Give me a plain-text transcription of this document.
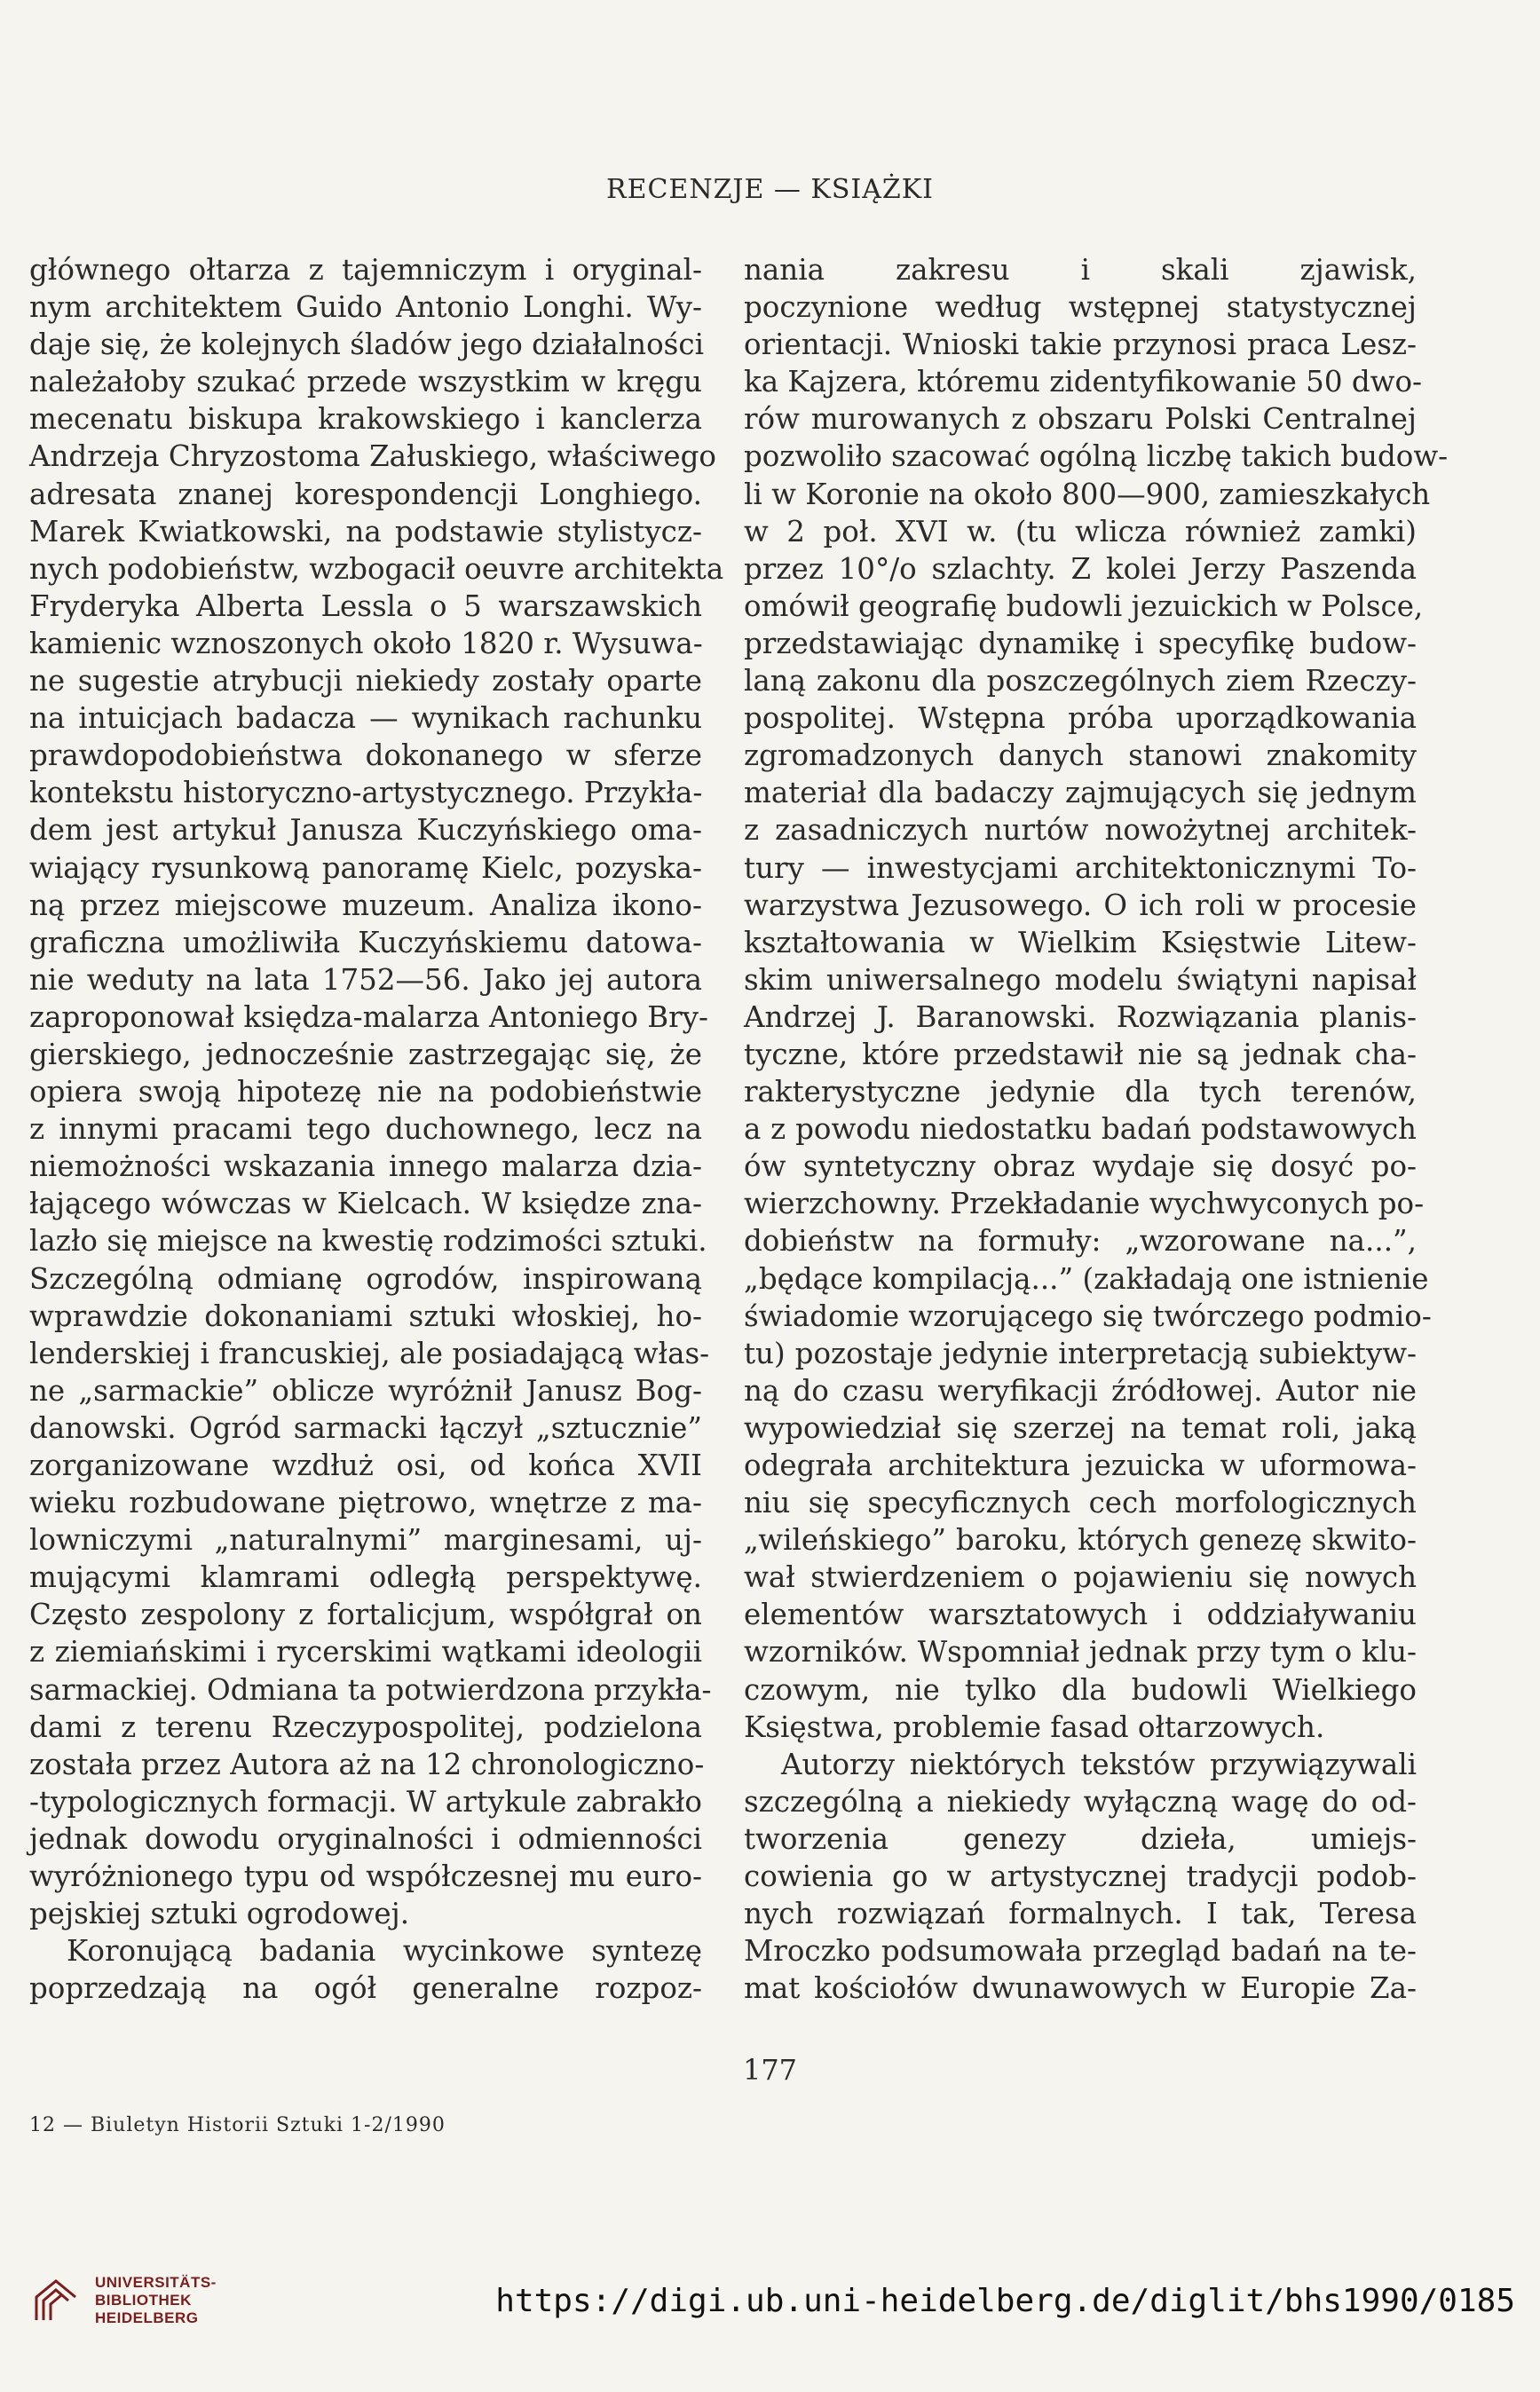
RECENZJE — KSIĄŻKI
głównego ołtarza z tajemniczym i oryginal-
nym architektem Guido Antonio Longhi. Wy-
daje się, że kolejnych śladów jego działalności
należałoby szukać przede wszystkim w kręgu
mecenatu biskupa krakowskiego i kanclerza
Andrzeja Chryzostoma Załuskiego, właściwego
adresata znanej korespondencji Longhiego.
Marek Kwiatkowski, na podstawie stylistycz-
nych podobieństw, wzbogacił oeuvre architekta
Fryderyka Alberta Lessla o 5 warszawskich
kamienic wznoszonych około 1820 r. Wysuwa-
ne sugestie atrybucji niekiedy zostały oparte
na intuicjach badacza — wynikach rachunku
prawdopodobieństwa dokonanego w sferze
kontekstu historyczno-artystycznego. Przykła-
dem jest artykuł Janusza Kuczyńskiego oma-
wiający rysunkową panoramę Kielc, pozyska-
ną przez miejscowe muzeum. Analiza ikono-
graficzna umożliwiła Kuczyńskiemu datowa-
nie weduty na lata 1752—56. Jako jej autora
zaproponował księdza-malarza Antoniego Bry-
gierskiego, jednocześnie zastrzegając się, że
opiera swoją hipotezę nie na podobieństwie
z innymi pracami tego duchownego, lecz na
niemożności wskazania innego malarza dzia-
łającego wówczas w Kielcach. W księdze zna-
lazło się miejsce na kwestię rodzimości sztuki.
Szczególną odmianę ogrodów, inspirowaną
wprawdzie dokonaniami sztuki włoskiej, ho-
lenderskiej i francuskiej, ale posiadającą włas-
ne „sarmackie” oblicze wyróżnił Janusz Bog-
danowski. Ogród sarmacki łączył „sztucznie”
zorganizowane wzdłuż osi, od końca XVII
wieku rozbudowane piętrowo, wnętrze z ma-
lowniczymi „naturalnymi” marginesami, uj-
mującymi klamrami odległą perspektywę.
Często zespolony z fortalicjum, współgrał on
z ziemiańskimi i rycerskimi wątkami ideologii
sarmackiej. Odmiana ta potwierdzona przykła-
dami z terenu Rzeczypospolitej, podzielona
została przez Autora aż na 12 chronologiczno-
-typologicznych formacji. W artykule zabrakło
jednak dowodu oryginalności i odmienności
wyróżnionego typu od współczesnej mu euro-
pejskiej sztuki ogrodowej.
Koronującą badania wycinkowe syntezę
poprzedzają na ogół generalne rozpoz-
nania zakresu i skali zjawisk,
poczynione według wstępnej statystycznej
orientacji. Wnioski takie przynosi praca Lesz-
ka Kajzera, któremu zidentyfikowanie 50 dwo-
rów murowanych z obszaru Polski Centralnej
pozwoliło szacować ogólną liczbę takich budow-
li w Koronie na około 800—900, zamieszkałych
w 2 poł. XVI w. (tu wlicza również zamki)
przez 10°/o szlachty. Z kolei Jerzy Paszenda
omówił geografię budowli jezuickich w Polsce,
przedstawiając dynamikę i specyfikę budow-
laną zakonu dla poszczególnych ziem Rzeczy-
pospolitej. Wstępna próba uporządkowania
zgromadzonych danych stanowi znakomity
materiał dla badaczy zajmujących się jednym
z zasadniczych nurtów nowożytnej architek-
tury — inwestycjami architektonicznymi To-
warzystwa Jezusowego. O ich roli w procesie
kształtowania w Wielkim Księstwie Litew-
skim uniwersalnego modelu świątyni napisał
Andrzej J. Baranowski. Rozwiązania planis-
tyczne, które przedstawił nie są jednak cha-
rakterystyczne jedynie dla tych terenów,
a z powodu niedostatku badań podstawowych
ów syntetyczny obraz wydaje się dosyć po-
wierzchowny. Przekładanie wychwyconych po-
dobieństw na formuły: „wzorowane na...”,
„będące kompilacją...” (zakładają one istnienie
świadomie wzorującego się twórczego podmio-
tu) pozostaje jedynie interpretacją subiektyw-
ną do czasu weryfikacji źródłowej. Autor nie
wypowiedział się szerzej na temat roli, jaką
odegrała architektura jezuicka w uformowa-
niu się specyficznych cech morfologicznych
„wileńskiego” baroku, których genezę skwito-
wał stwierdzeniem o pojawieniu się nowych
elementów warsztatowych i oddziaływaniu
wzorników. Wspomniał jednak przy tym o klu-
czowym, nie tylko dla budowli Wielkiego
Księstwa, problemie fasad ołtarzowych.
Autorzy niektórych tekstów przywiązywali
szczególną a niekiedy wyłączną wagę do od-
tworzenia genezy dzieła, umiejs-
cowienia go w artystycznej tradycji podob-
nych rozwiązań formalnych. I tak, Teresa
Mroczko podsumowała przegląd badań na te-
mat kościołów dwunawowych w Europie Za-
177
12 — Biuletyn Historii Sztuki 1-2/1990
UNIVERSITÄTS-
BIBLIOTHEK
HEIDELBERG	https://digi.ub.uni-heidelberg.de/diglit/bhs1990/0185
